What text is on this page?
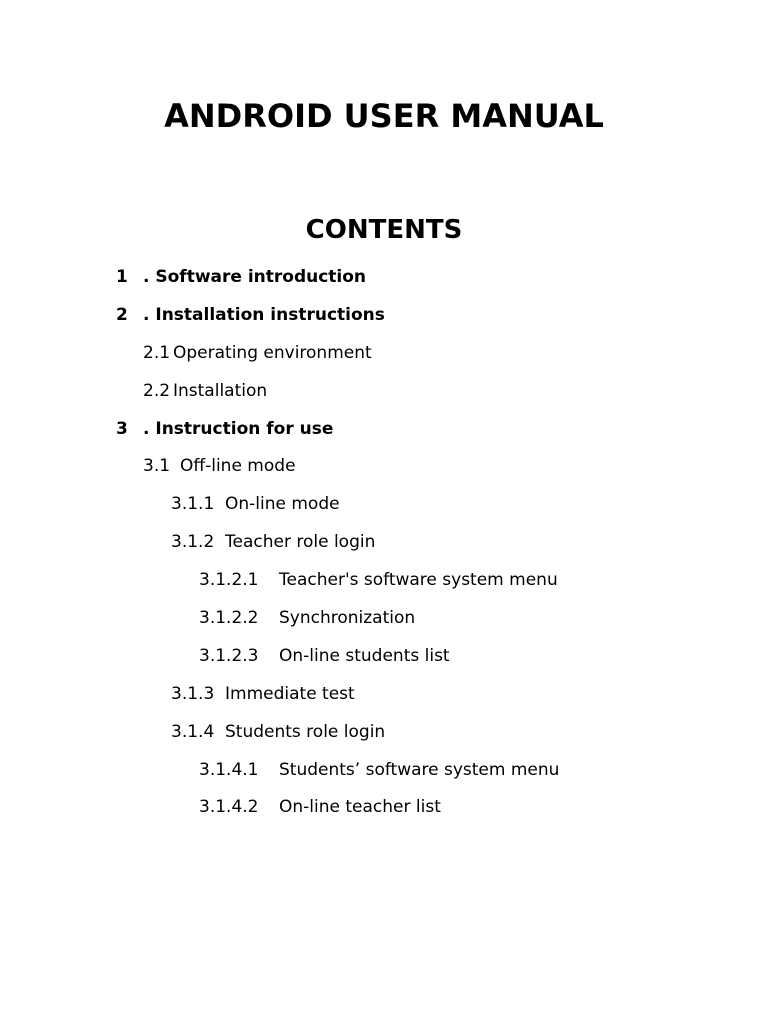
ANDROID USER MANUAL
CONTENTS
1 . Software introduction
2 . Installation instructions
2.1 Operating environment
2.2 Installation
3 . Instruction for use
3.1 Off-line mode
3.1.1 On-line mode
3.1.2 Teacher role login
3.1.2.1 Teacher's software system menu
3.1.2.2 Synchronization
3.1.2.3 On-line students list
3.1.3 Immediate test
3.1.4 Students role login
3.1.4.1 Students’ software system menu
3.1.4.2 On-line teacher list
